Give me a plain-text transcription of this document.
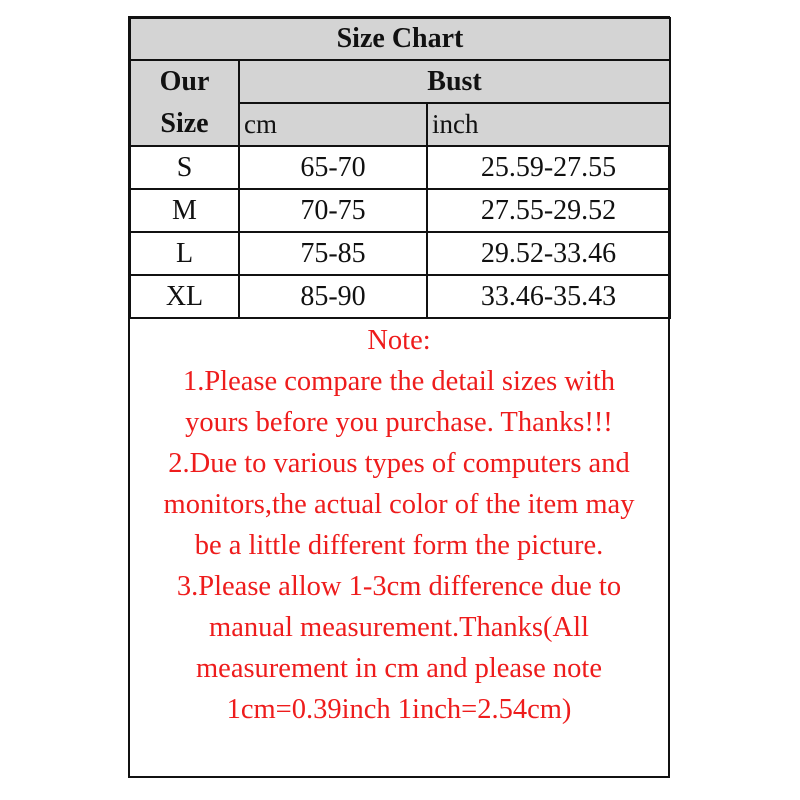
Size Chart		
Our
Size	Bust	
	cm	inch
S	65-70	25.59-27.55
M	70-75	27.55-29.52
L	75-85	29.52-33.46
XL	85-90	33.46-35.43
Note:
1.Please compare the detail sizes with
yours before you purchase. Thanks!!!
2.Due to various types of computers and
monitors,the actual color of the item may
be a little different form the picture.
3.Please allow 1-3cm difference due to
manual measurement.Thanks(All
measurement in cm and please note
1cm=0.39inch 1inch=2.54cm)
